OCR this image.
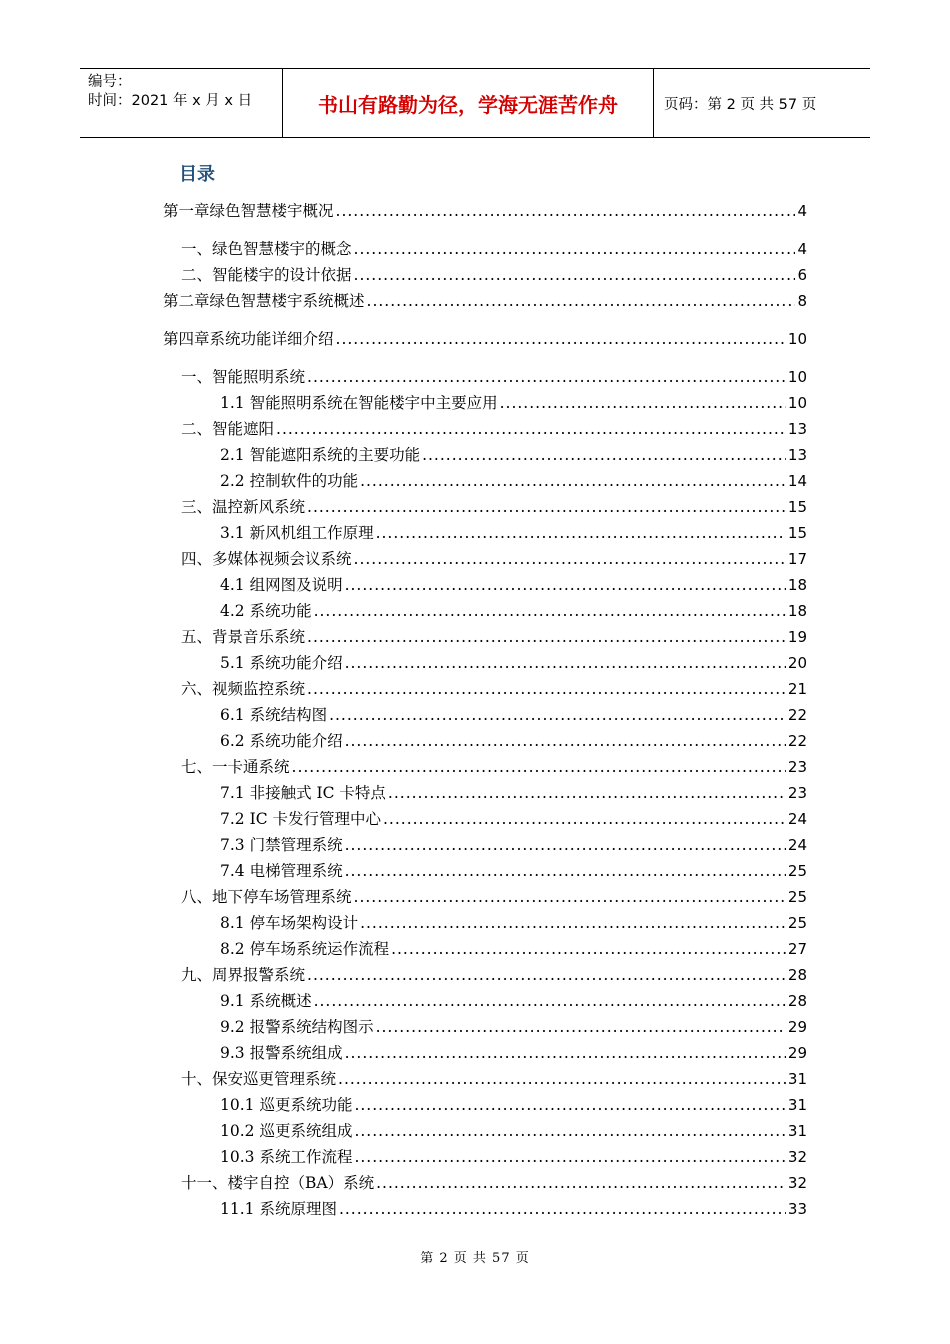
编号：
时间：2021 年 x 月 x 日	书山有路勤为径，学海无涯苦作舟	页码：第 2 页 共 57 页
目录
第一章绿色智慧楼宇概况 .....	4
一、绿色智慧楼宇的概念 .....	4
二、智能楼宇的设计依据 .....	6
第二章绿色智慧楼宇系统概述 .....	8
第四章系统功能详细介绍 .....	10
一、智能照明系统 .....	10
1.1 智能照明系统在智能楼宇中主要应用 .....	10
二、智能遮阳 .....	13
2.1 智能遮阳系统的主要功能 .....	13
2.2 控制软件的功能 .....	14
三、温控新风系统 .....	15
3.1 新风机组工作原理 .....	15
四、多媒体视频会议系统 .....	17
4.1 组网图及说明 .....	18
4.2 系统功能 .....	18
五、背景音乐系统 .....	19
5.1 系统功能介绍 .....	20
六、视频监控系统 .....	21
6.1 系统结构图 .....	22
6.2 系统功能介绍 .....	22
七、一卡通系统 .....	23
7.1 非接触式 IC 卡特点 .....	23
7.2 IC 卡发行管理中心 .....	24
7.3 门禁管理系统 .....	24
7.4 电梯管理系统 .....	25
八、地下停车场管理系统 .....	25
8.1 停车场架构设计 .....	25
8.2 停车场系统运作流程 .....	27
九、周界报警系统 .....	28
9.1 系统概述 .....	28
9.2 报警系统结构图示 .....	29
9.3 报警系统组成 .....	29
十、保安巡更管理系统 .....	31
10.1 巡更系统功能 .....	31
10.2 巡更系统组成 .....	31
10.3 系统工作流程 .....	32
十一、楼宇自控（BA）系统 .....	32
11.1 系统原理图 .....	33
第 2 页 共 57 页
